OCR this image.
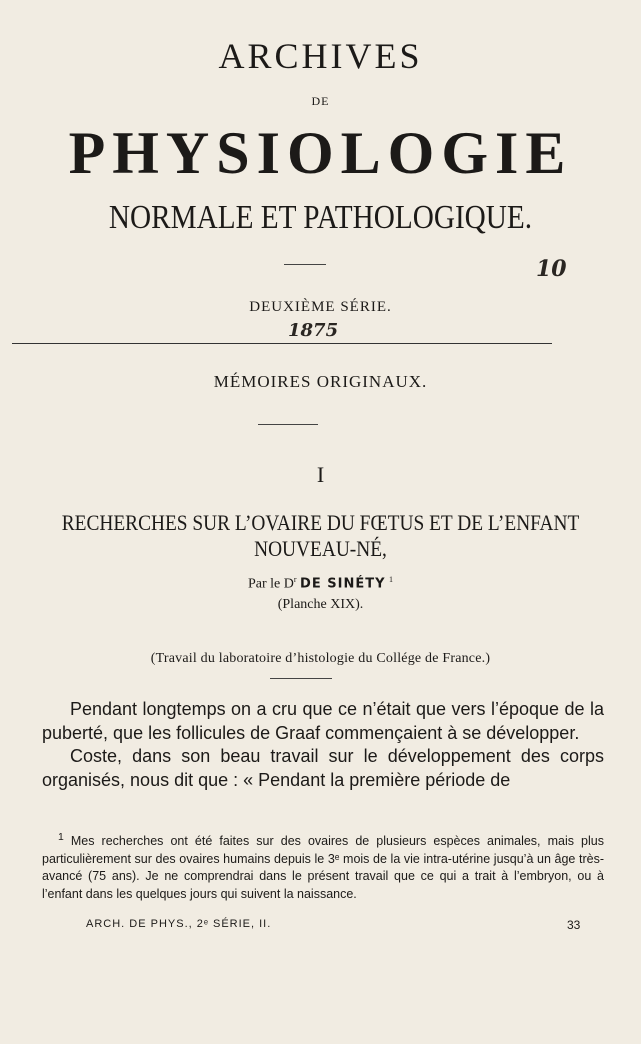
ARCHIVES
DE
PHYSIOLOGIE
NORMALE ET PATHOLOGIQUE.
10
DEUXIÈME SÉRIE.
1875
MÉMOIRES ORIGINAUX.
I
RECHERCHES SUR L’OVAIRE DU FŒTUS ET DE L’ENFANT
NOUVEAU-NÉ,
Par le $D^r$ DE SINÉTY $^1$
(Planche XIX).
(Travail du laboratoire d’histologie du Collége de France.)

Pendant longtemps on a cru que ce n’était que vers l’époque de la puberté, que les follicules de Graaf commençaient à se développer.

Coste, dans son beau travail sur le développement des corps organisés, nous dit que : « Pendant la première période de

$^1$ Mes recherches ont été faites sur des ovaires de plusieurs espèces animales, mais plus particulièrement sur des ovaires humains depuis le 3ᵉ mois de la vie intra-utérine jusqu’à un âge très-avancé (75 ans). Je ne comprendrai dans le présent travail que ce qui a trait à l’embryon, ou à l’enfant dans les quelques jours qui suivent la naissance.

ARCH. DE PHYS., 2ᵉ SÉRIE, II.	33
